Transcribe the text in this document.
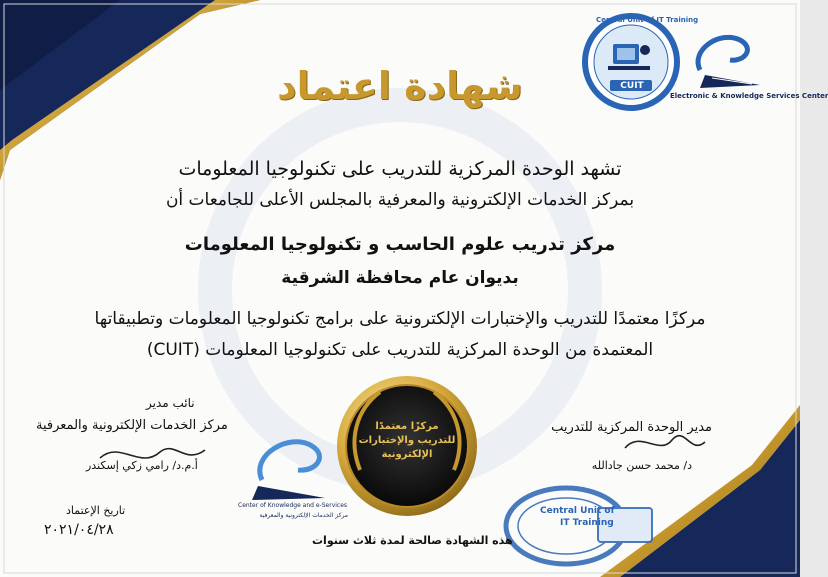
Central Unit of IT Training
CUIT
Electronic & Knowledge Services Center
شهادة اعتماد
تشهد الوحدة المركزية للتدريب على تكنولوجيا المعلومات
بمركز الخدمات الإلكترونية والمعرفية بالمجلس الأعلى للجامعات أن
مركز تدريب علوم الحاسب و تكنولوجيا المعلومات
بديوان عام محافظة الشرقية
مركزًا معتمدًا للتدريب والإختبارات الإلكترونية على برامج تكنولوجيا المعلومات وتطبيقاتها
المعتمدة من الوحدة المركزية للتدريب على تكنولوجيا المعلومات (CUIT)
مركزًا معتمدًا
للتدريب والإختبارات
الإلكترونية
مدير الوحدة المركزية للتدريب
د/ محمد حسن جادالله
نائب مدير
مركز الخدمات الإلكترونية والمعرفية
أ.م.د/ رامي زكي إسكندر
تاريخ الإعتماد
٢٠٢١/٠٤/٢٨
Center of Knowledge and e-Services
مركز الخدمات الإلكترونية والمعرفية	Central Unit of
IT Training
هذه الشهادة صالحة لمدة ثلاث سنوات
